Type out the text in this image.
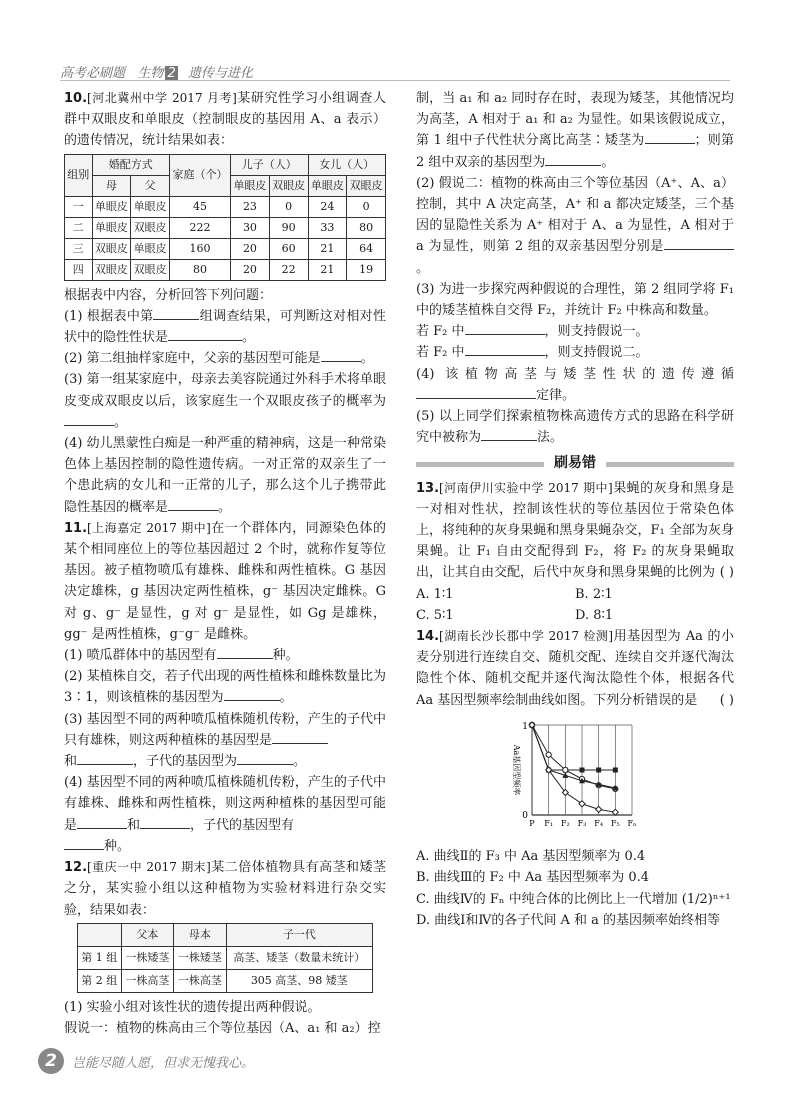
高考必刷题 生物 2 遗传与进化

10.[河北冀州中学 2017 月考]某研究性学习小组调查人群中双眼皮和单眼皮（控制眼皮的基因用 A、a 表示）的遗传情况，统计结果如表：

组别	婚配方式		家庭（个）	儿子（人）		女儿（人）	
	母	父		单眼皮	双眼皮	单眼皮	双眼皮
一	单眼皮	单眼皮	45	23	0	24	0
二	单眼皮	双眼皮	222	30	90	33	80
三	双眼皮	单眼皮	160	20	60	21	64
四	双眼皮	双眼皮	80	20	22	21	19

根据表中内容，分析回答下列问题：

(1) 根据表中第	组调查结果，可判断这对相对性状中的隐性性状是	。

(2) 第二组抽样家庭中，父亲的基因型可能是	。

(3) 第一组某家庭中，母亲去美容院通过外科手术将单眼皮变成双眼皮以后，该家庭生一个双眼皮孩子的概率为。

(4) 幼儿黑蒙性白痴是一种严重的精神病，这是一种常染色体上基因控制的隐性遗传病。一对正常的双亲生了一个患此病的女儿和一正常的儿子，那么这个儿子携带此隐性基因的概率是	。

11.[上海嘉定 2017 期中]在一个群体内，同源染色体的某个相同座位上的等位基因超过 2 个时，就称作复等位基因。被子植物喷瓜有雄株、雌株和两性植株。G 基因决定雄株，g 基因决定两性植株，g⁻ 基因决定雌株。G 对 g、g⁻ 是显性，g 对 g⁻ 是显性，如 Gg 是雄株，gg⁻ 是两性植株，g⁻g⁻ 是雌株。

(1) 喷瓜群体中的基因型有	种。

(2) 某植株自交，若子代出现的两性植株和雌株数量比为 3∶1，则该植株的基因型为	。

(3) 基因型不同的两种喷瓜植株随机传粉，产生的子代中只有雄株，则这两种植株的基因型是
和	，子代的基因型为	。

(4) 基因型不同的两种喷瓜植株随机传粉，产生的子代中有雄株、雌株和两性植株，则这两种植株的基因型可能是	和	，子代的基因型有
种。

12.[重庆一中 2017 期末]某二倍体植物具有高茎和矮茎之分，某实验小组以这种植物为实验材料进行杂交实验，结果如表：

	父本	母本	子一代
第 1 组	一株矮茎	一株矮茎	高茎、矮茎（数量未统计）
第 2 组	一株高茎	一株高茎	305 高茎、98 矮茎

(1) 实验小组对该性状的遗传提出两种假说。

假说一：植物的株高由三个等位基因（A、a₁ 和 a₂）控

制，当 a₁ 和 a₂ 同时存在时，表现为矮茎，其他情况均为高茎，A 相对于 a₁ 和 a₂ 为显性。如果该假说成立，第 1 组中子代性状分离比高茎∶矮茎为	；则第 2 组中双亲的基因型为	。

(2) 假说二：植物的株高由三个等位基因（A⁺、A、a）控制，其中 A 决定高茎，A⁺ 和 a 都决定矮茎，三个基因的显隐性关系为 A⁺ 相对于 A、a 为显性，A 相对于 a 为显性，则第 2 组的双亲基因型分别是。

(3) 为进一步探究两种假说的合理性，第 2 组同学将 F₁ 中的矮茎植株自交得 F₂，并统计 F₂ 中株高和数量。

若 F₂ 中	，则支持假说一。

若 F₂ 中	，则支持假说二。

(4) 该植物高茎与矮茎性状的遗传遵循定律。

(5) 以上同学们探索植物株高遗传方式的思路在科学研究中被称为	法。

刷易错

13.[河南伊川实验中学 2017 期中]果蝇的灰身和黑身是一对相对性状，控制该性状的等位基因位于常染色体上，将纯种的灰身果蝇和黑身果蝇杂交，F₁ 全部为灰身果蝇。让 F₁ 自由交配得到 F₂，将 F₂ 的灰身果蝇取出，让其自由交配，后代中灰身和黑身果蝇的比例为 ( )

A. 1∶1	B. 2∶1
C. 5∶1	D. 8∶1

14.[湖南长沙长郡中学 2017 检测]用基因型为 Aa 的小麦分别进行连续自交、随机交配、连续自交并逐代淘汰隐性个体、随机交配并逐代淘汰隐性个体，根据各代 Aa 基因型频率绘制曲线如图。下列分析错误的是 ( )

P F₁ F₂ F₃ F₄ F₅ Fₙ
1
0
Aa基因型频率

A. 曲线Ⅱ的 F₃ 中 Aa 基因型频率为 0.4

B. 曲线Ⅲ的 F₂ 中 Aa 基因型频率为 0.4

C. 曲线Ⅳ的 Fₙ 中纯合体的比例比上一代增加 (1/2)ⁿ⁺¹

D. 曲线Ⅰ和Ⅳ的各子代间 A 和 a 的基因频率始终相等

2	岂能尽随人愿，但求无愧我心。
